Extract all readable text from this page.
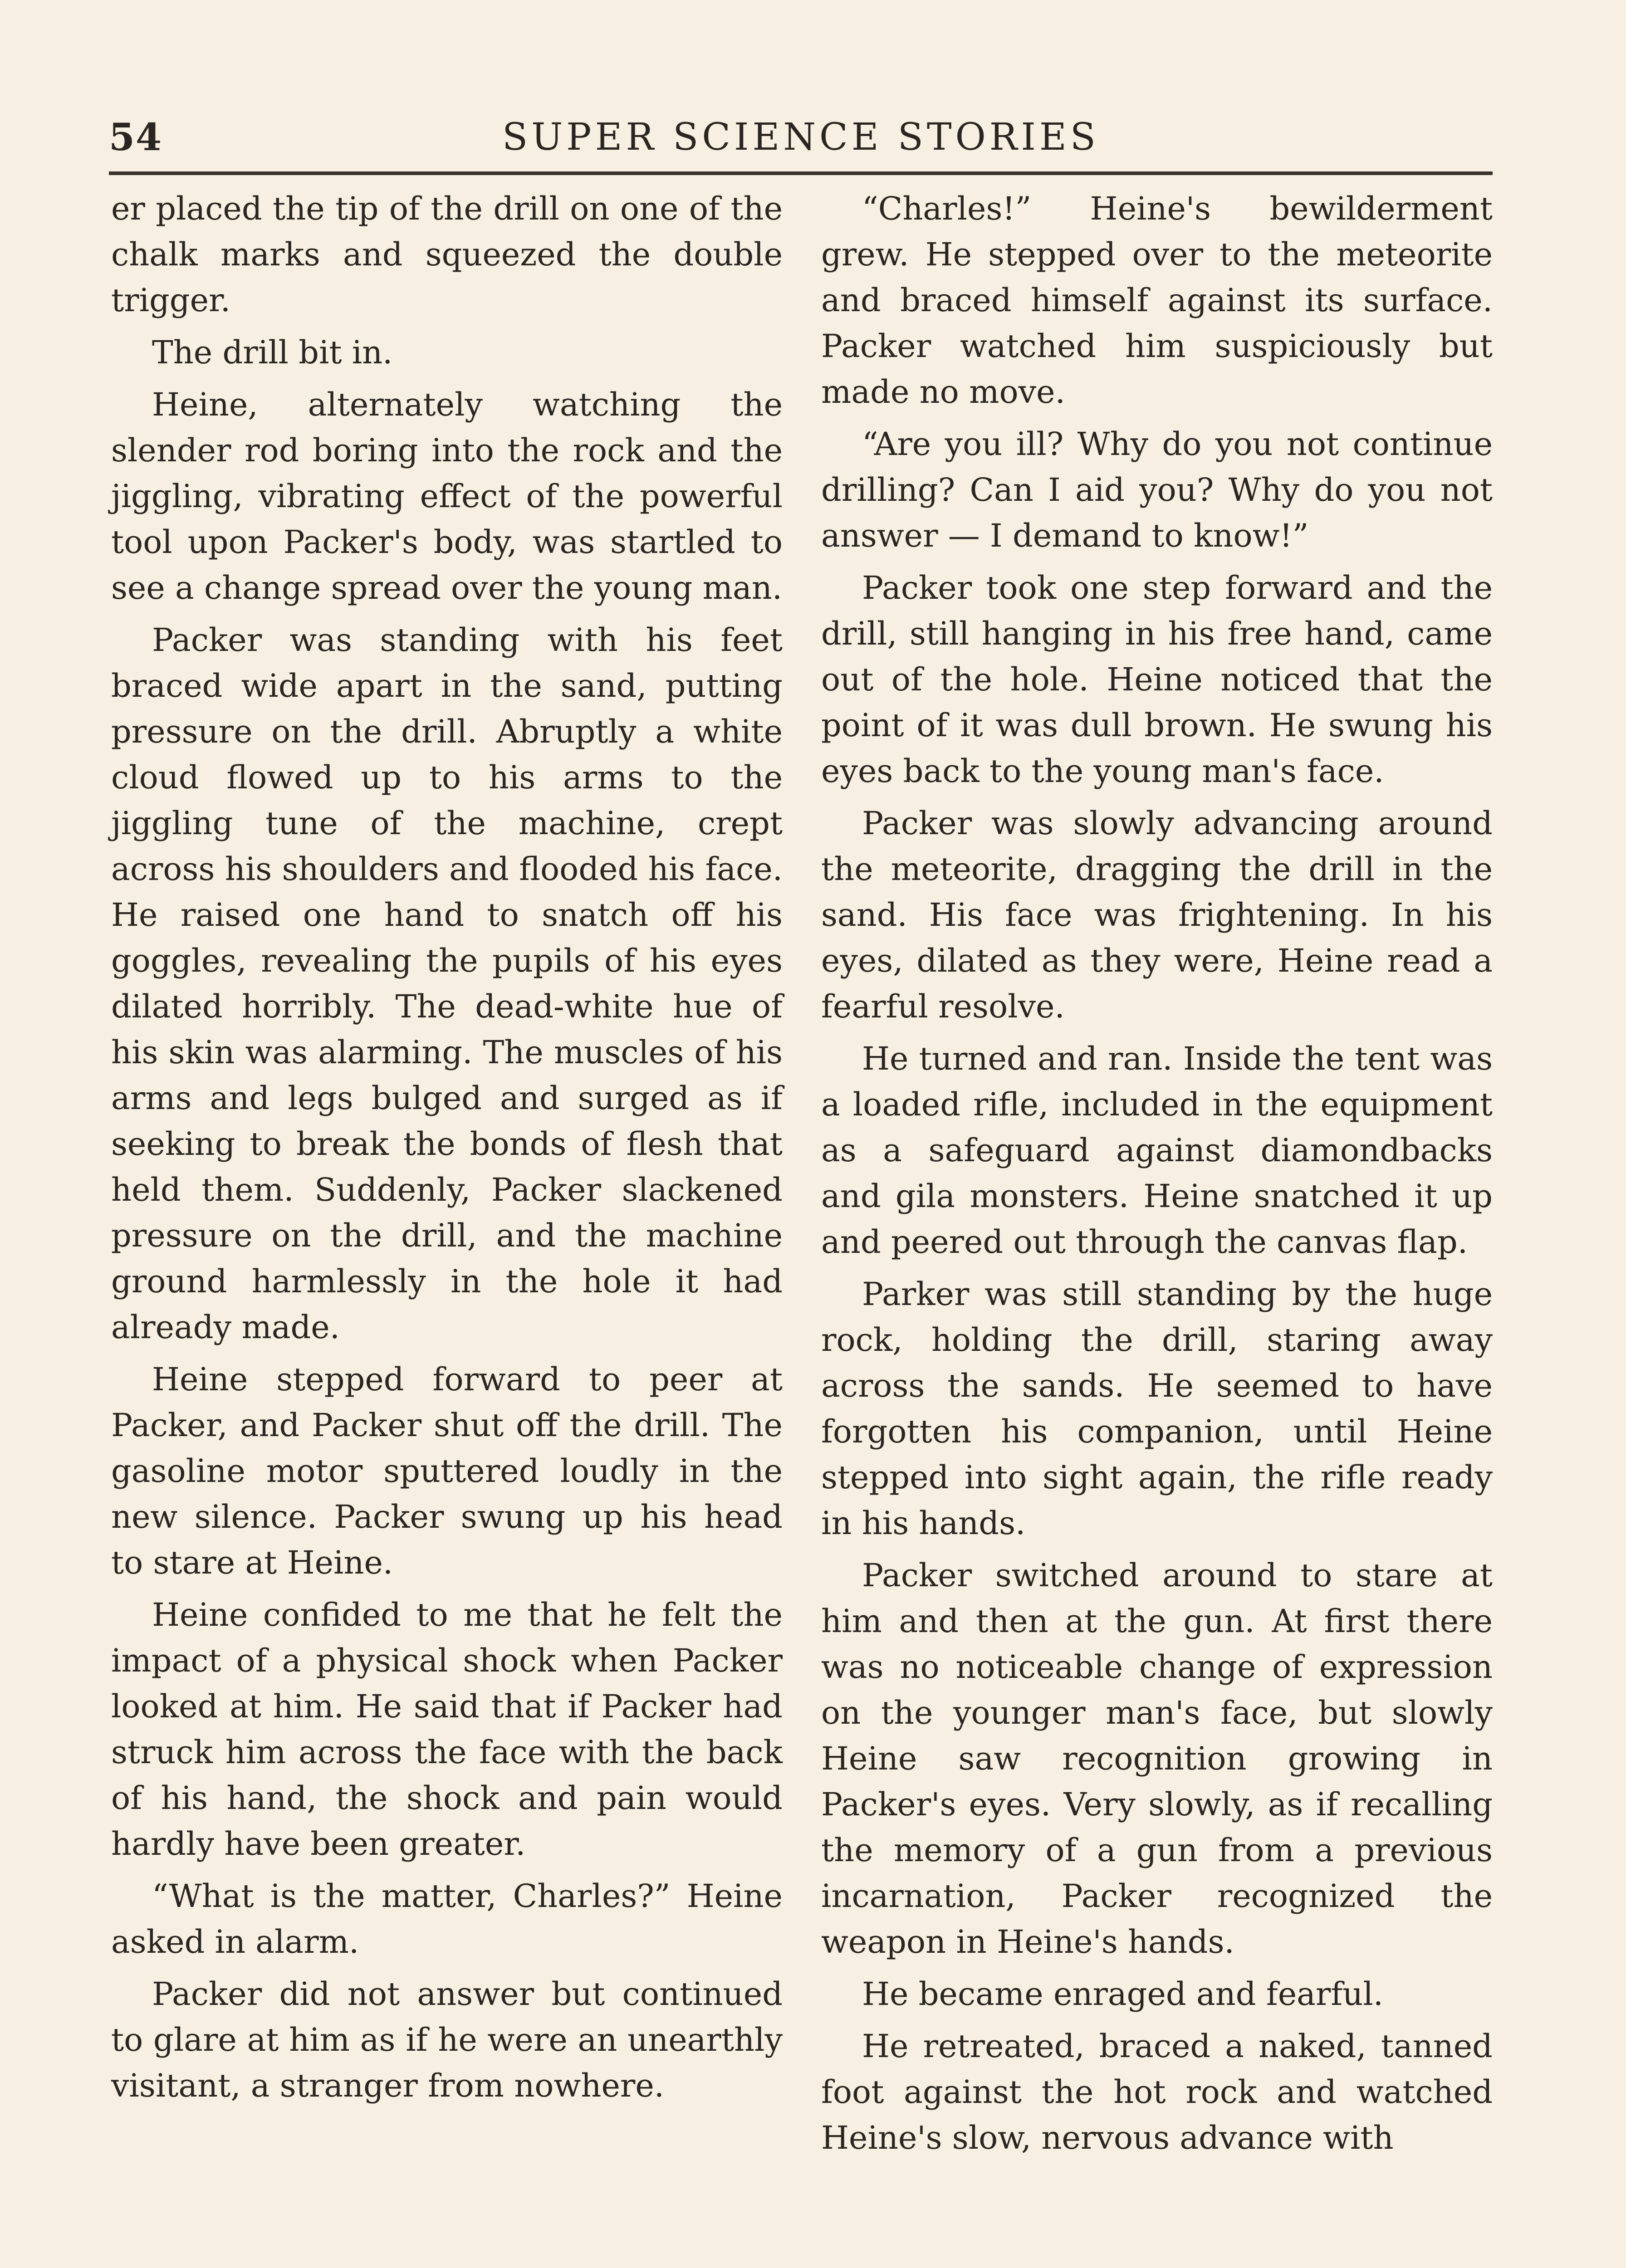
54	SUPER SCIENCE STORIES

er placed the tip of the drill on one of the chalk marks and squeezed the double trigger.

The drill bit in.

Heine, alternately watching the slender rod boring into the rock and the jiggling, vibrating effect of the powerful tool upon Packer's body, was startled to see a change spread over the young man.

Packer was standing with his feet braced wide apart in the sand, putting pressure on the drill. Abruptly a white cloud flowed up to his arms to the jiggling tune of the machine, crept across his shoulders and flooded his face. He raised one hand to snatch off his goggles, revealing the pupils of his eyes dilated horribly. The dead-white hue of his skin was alarming. The muscles of his arms and legs bulged and surged as if seeking to break the bonds of flesh that held them. Suddenly, Packer slackened pressure on the drill, and the machine ground harmlessly in the hole it had already made.

Heine stepped forward to peer at Packer, and Packer shut off the drill. The gasoline motor sputtered loudly in the new silence. Packer swung up his head to stare at Heine.

Heine confided to me that he felt the impact of a physical shock when Packer looked at him. He said that if Packer had struck him across the face with the back of his hand, the shock and pain would hardly have been greater.

“What is the matter, Charles?” Heine asked in alarm.

Packer did not answer but continued to glare at him as if he were an unearthly visitant, a stranger from nowhere.

“Charles!” Heine's bewilderment grew. He stepped over to the meteorite and braced himself against its surface. Packer watched him suspiciously but made no move.

“Are you ill? Why do you not continue drilling? Can I aid you? Why do you not answer — I demand to know!”

Packer took one step forward and the drill, still hanging in his free hand, came out of the hole. Heine noticed that the point of it was dull brown. He swung his eyes back to the young man's face.

Packer was slowly advancing around the meteorite, dragging the drill in the sand. His face was frightening. In his eyes, dilated as they were, Heine read a fearful resolve.

He turned and ran. Inside the tent was a loaded rifle, included in the equipment as a safeguard against diamondbacks and gila monsters. Heine snatched it up and peered out through the canvas flap.

Parker was still standing by the huge rock, holding the drill, staring away across the sands. He seemed to have forgotten his companion, until Heine stepped into sight again, the rifle ready in his hands.

Packer switched around to stare at him and then at the gun. At first there was no noticeable change of expression on the younger man's face, but slowly Heine saw recognition growing in Packer's eyes. Very slowly, as if recalling the memory of a gun from a previous incarnation, Packer recognized the weapon in Heine's hands.

He became enraged and fearful.

He retreated, braced a naked, tanned foot against the hot rock and watched Heine's slow, nervous advance with
